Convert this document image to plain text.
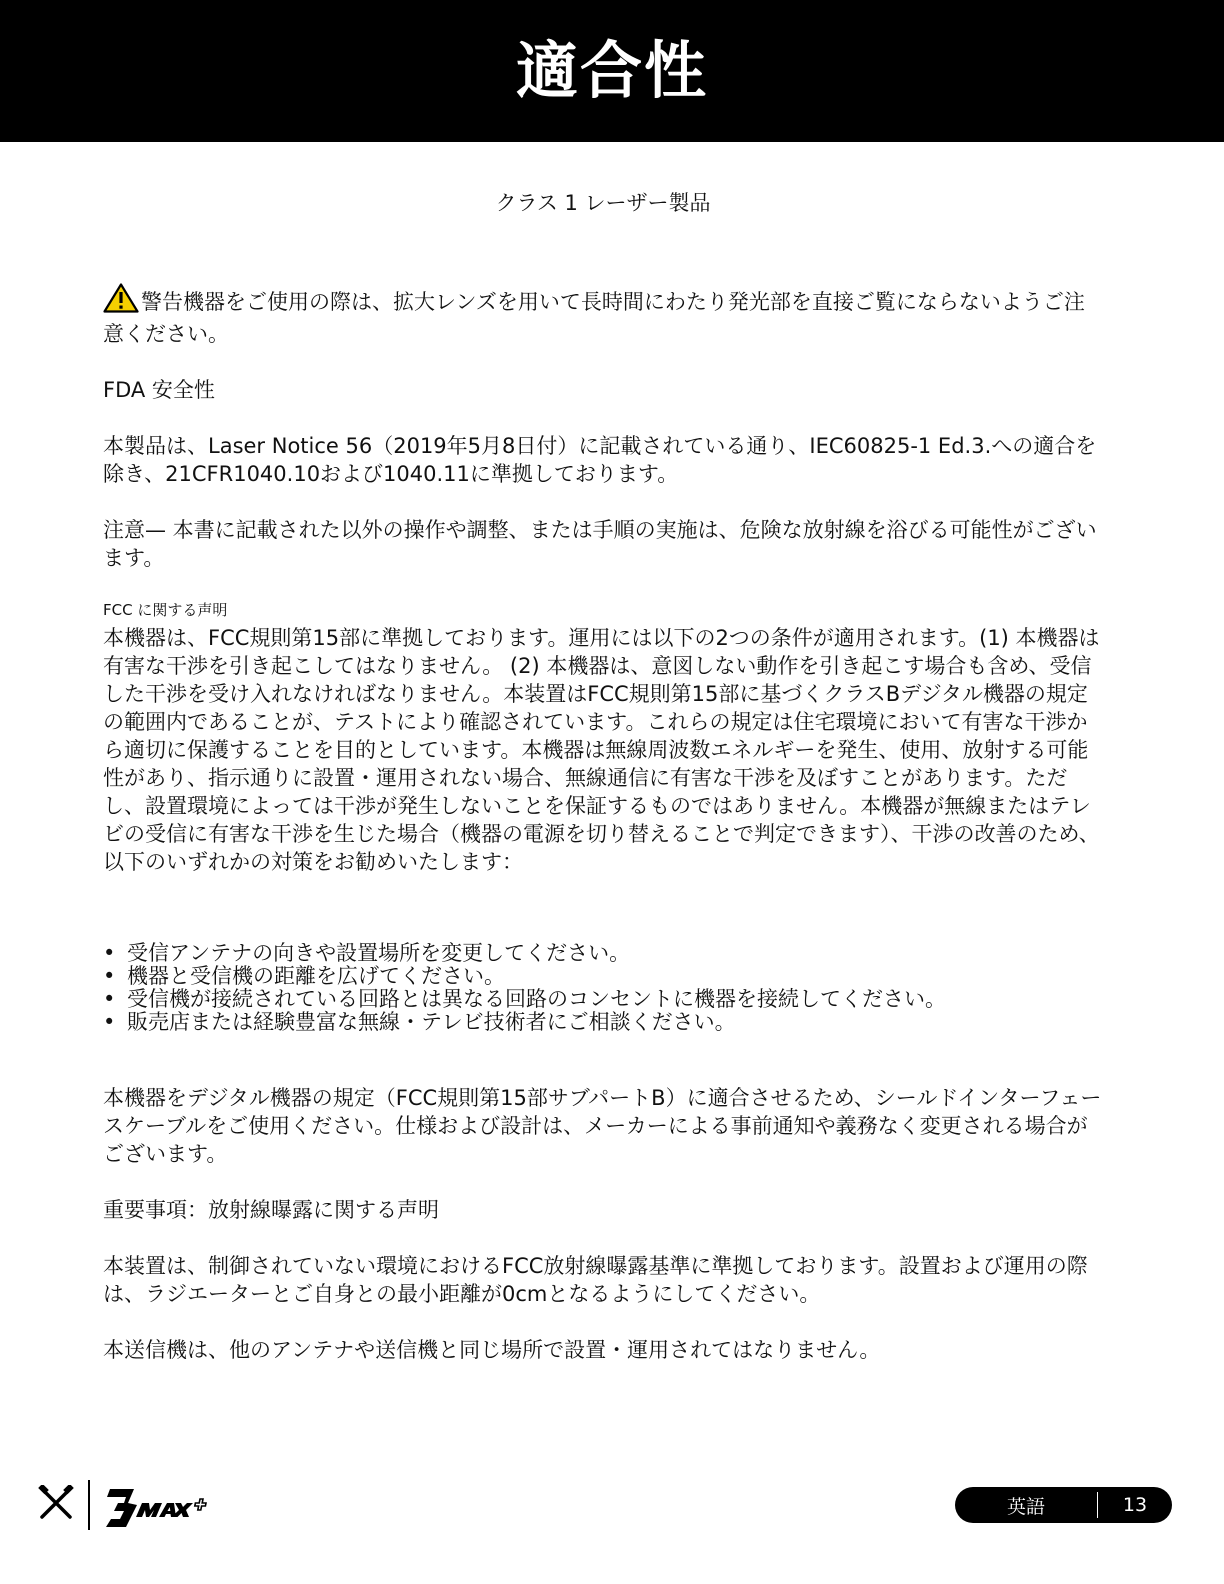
適合性
クラス 1 レーザー製品

警告機器をご使用の際は、拡大レンズを用いて長時間にわたり発光部を直接ご覧にならないようご注意ください。

FDA 安全性

本製品は、Laser Notice 56（2019年5月8日付）に記載されている通り、IEC60825-1 Ed.3.への適合を除き、21CFR1040.10および1040.11に準拠しております。

注意— 本書に記載された以外の操作や調整、または手順の実施は、危険な放射線を浴びる可能性がございます。

FCC に関する声明

本機器は、FCC規則第15部に準拠しております。運用には以下の2つの条件が適用されます。(1) 本機器は有害な干渉を引き起こしてはなりません。 (2) 本機器は、意図しない動作を引き起こす場合も含め、受信した干渉を受け入れなければなりません。本装置はFCC規則第15部に基づくクラスBデジタル機器の規定の範囲内であることが、テストにより確認されています。これらの規定は住宅環境において有害な干渉から適切に保護することを目的としています。本機器は無線周波数エネルギーを発生、使用、放射する可能性があり、指示通りに設置・運用されない場合、無線通信に有害な干渉を及ぼすことがあります。ただし、設置環境によっては干渉が発生しないことを保証するものではありません。本機器が無線またはテレビの受信に有害な干渉を生じた場合（機器の電源を切り替えることで判定できます）、干渉の改善のため、以下のいずれかの対策をお勧めいたします：

• 受信アンテナの向きや設置場所を変更してください。
• 機器と受信機の距離を広げてください。
• 受信機が接続されている回路とは異なる回路のコンセントに機器を接続してください。
• 販売店または経験豊富な無線・テレビ技術者にご相談ください。

本機器をデジタル機器の規定（FCC規則第15部サブパートB）に適合させるため、シールドインターフェースケーブルをご使用ください。仕様および設計は、メーカーによる事前通知や義務なく変更される場合がございます。

重要事項：放射線曝露に関する声明

本装置は、制御されていない環境におけるFCC放射線曝露基準に準拠しております。設置および運用の際は、ラジエーターとご自身との最小距離が0cmとなるようにしてください。

本送信機は、他のアンテナや送信機と同じ場所で設置・運用されてはなりません。

英語	13
